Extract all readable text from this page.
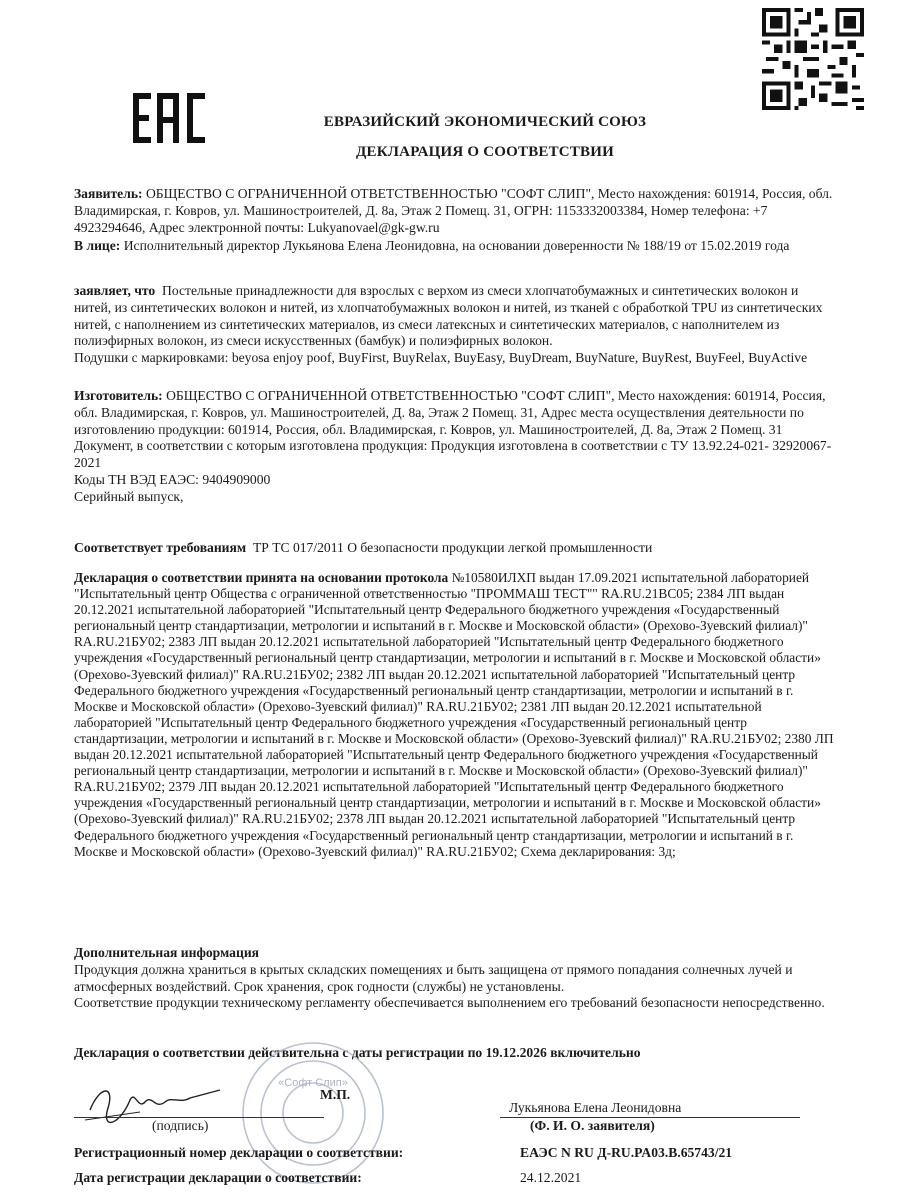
ЕВРАЗИЙСКИЙ ЭКОНОМИЧЕСКИЙ СОЮЗ
ДЕКЛАРАЦИЯ О СООТВЕТСТВИИ

Заявитель: ОБЩЕСТВО С ОГРАНИЧЕННОЙ ОТВЕТСТВЕННОСТЬЮ "СОФТ СЛИП", Место нахождения: 601914, Россия, обл. Владимирская, г. Ковров, ул. Машиностроителей, Д. 8а, Этаж 2 Помещ. 31, ОГРН: 1153332003384, Номер телефона: +7 4923294646, Адрес электронной почты: Lukyanovael@gk-gw.ru

В лице: Исполнительный директор Лукьянова Елена Леонидовна, на основании доверенности № 188/19 от 15.02.2019 года

заявляет, что Постельные принадлежности для взрослых с верхом из смеси хлопчатобумажных и синтетических волокон и нитей, из синтетических волокон и нитей, из хлопчатобумажных волокон и нитей, из тканей с обработкой TPU из синтетических нитей, с наполнением из синтетических материалов, из смеси латексных и синтетических материалов, с наполнителем из полиэфирных волокон, из смеси искусственных (бамбук) и полиэфирных волокон.

Подушки с маркировками: beyosa enjoy poof, BuyFirst, BuyRelax, BuyEasy, BuyDream, BuyNature, BuyRest, BuyFeel, BuyActive

Изготовитель: ОБЩЕСТВО С ОГРАНИЧЕННОЙ ОТВЕТСТВЕННОСТЬЮ "СОФТ СЛИП", Место нахождения: 601914, Россия, обл. Владимирская, г. Ковров, ул. Машиностроителей, Д. 8а, Этаж 2 Помещ. 31, Адрес места осуществления деятельности по изготовлению продукции: 601914, Россия, обл. Владимирская, г. Ковров, ул. Машиностроителей, Д. 8а, Этаж 2 Помещ. 31

Документ, в соответствии с которым изготовлена продукция: Продукция изготовлена в соответствии с ТУ 13.92.24-021- 32920067-2021

Коды ТН ВЭД ЕАЭС: 9404909000

Серийный выпуск,

Соответствует требованиям ТР ТС 017/2011 О безопасности продукции легкой промышленности

Декларация о соответствии принята на основании протокола №10580ИЛХП выдан 17.09.2021 испытательной лабораторией "Испытательный центр Общества с ограниченной ответственностью "ПРОММАШ ТЕСТ"" RA.RU.21ВС05; 2384 ЛП выдан 20.12.2021 испытательной лабораторией "Испытательный центр Федерального бюджетного учреждения «Государственный региональный центр стандартизации, метрологии и испытаний в г. Москве и Московской области» (Орехово-Зуевский филиал)" RA.RU.21БУ02; 2383 ЛП выдан 20.12.2021 испытательной лабораторией "Испытательный центр Федерального бюджетного учреждения «Государственный региональный центр стандартизации, метрологии и испытаний в г. Москве и Московской области» (Орехово-Зуевский филиал)" RA.RU.21БУ02; 2382 ЛП выдан 20.12.2021 испытательной лабораторией "Испытательный центр Федерального бюджетного учреждения «Государственный региональный центр стандартизации, метрологии и испытаний в г. Москве и Московской области» (Орехово-Зуевский филиал)" RA.RU.21БУ02; 2381 ЛП выдан 20.12.2021 испытательной лабораторией "Испытательный центр Федерального бюджетного учреждения «Государственный региональный центр стандартизации, метрологии и испытаний в г. Москве и Московской области» (Орехово-Зуевский филиал)" RA.RU.21БУ02; 2380 ЛП выдан 20.12.2021 испытательной лабораторией "Испытательный центр Федерального бюджетного учреждения «Государственный региональный центр стандартизации, метрологии и испытаний в г. Москве и Московской области» (Орехово-Зуевский филиал)" RA.RU.21БУ02; 2379 ЛП выдан 20.12.2021 испытательной лабораторией "Испытательный центр Федерального бюджетного учреждения «Государственный региональный центр стандартизации, метрологии и испытаний в г. Москве и Московской области» (Орехово-Зуевский филиал)" RA.RU.21БУ02; 2378 ЛП выдан 20.12.2021 испытательной лабораторией "Испытательный центр Федерального бюджетного учреждения «Государственный региональный центр стандартизации, метрологии и испытаний в г. Москве и Московской области» (Орехово-Зуевский филиал)" RA.RU.21БУ02; Схема декларирования: 3д;

Дополнительная информация

Продукция должна храниться в крытых складских помещениях и быть защищена от прямого попадания солнечных лучей и атмосферных воздействий. Срок хранения, срок годности (службы) не установлены.

Соответствие продукции техническому регламенту обеспечивается выполнением его требований безопасности непосредственно.

Декларация о соответствии действительна с даты регистрации по 19.12.2026 включительно

«Софт Слип»
М.П.
Лукьянова Елена Леонидовна
(подпись)	(Ф. И. О. заявителя)
Регистрационный номер декларации о соответствии:	ЕАЭС N RU Д-RU.PA03.B.65743/21
Дата регистрации декларации о соответствии:	24.12.2021
